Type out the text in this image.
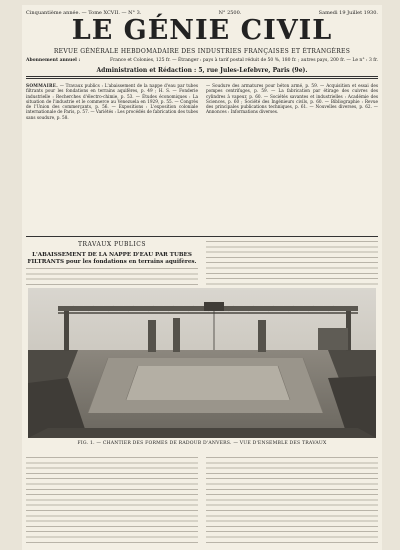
Cinquantième année. — Tome XCVII. — N° 3.	N° 2500.	Samedi 19 Juillet 1930.
LE GÉNIE CIVIL
REVUE GÉNÉRALE HEBDOMADAIRE DES INDUSTRIES FRANÇAISES ET ÉTRANGÈRES
Abonnement annuel :	France et Colonies, 125 fr. — Étranger : pays à tarif postal réduit de 50 %, 180 fr. ; autres pays, 200 fr. — Le n° : 3 fr.
Administration et Rédaction : 5, rue Jules-Lefebvre, Paris (9e).
SOMMAIRE. — Travaux publics : L'abaissement de la nappe d'eau par tubes filtrants pour les fondations en terrains aquifères, p. 49 ; H. S. — Fonderie industrielle : Recherches d'électro-chimie, p. 53. — Études économiques : La situation de l'industrie et le commerce au Venezuela en 1929, p. 55. — Congrès de l'Union des commerçants, p. 56. — Expositions : L'exposition coloniale internationale de Paris, p. 57. — Variétés : Les procédés de fabrication des tubes sans soudure, p. 58.
— Soudure des armatures pour béton armé, p. 59. — Acquisition et essai des pompes centrifuges, p. 59. — La fabrication par étirage des cuivres des cylindres à vapeur, p. 60. — Sociétés savantes et industrielles : Académie des Sciences, p. 60 ; Société des Ingénieurs civils, p. 60. — Bibliographie : Revue des principales publications techniques, p. 61. — Nouvelles diverses, p. 62. — Annonces : Informations diverses.
TRAVAUX PUBLICS
L'ABAISSEMENT DE LA NAPPE D'EAU PAR TUBES FILTRANTS pour les fondations en terrains aquifères.
FIG. 1. — CHANTIER DES FORMES DE RADOUB D'ANVERS. — VUE D'ENSEMBLE DES TRAVAUX
